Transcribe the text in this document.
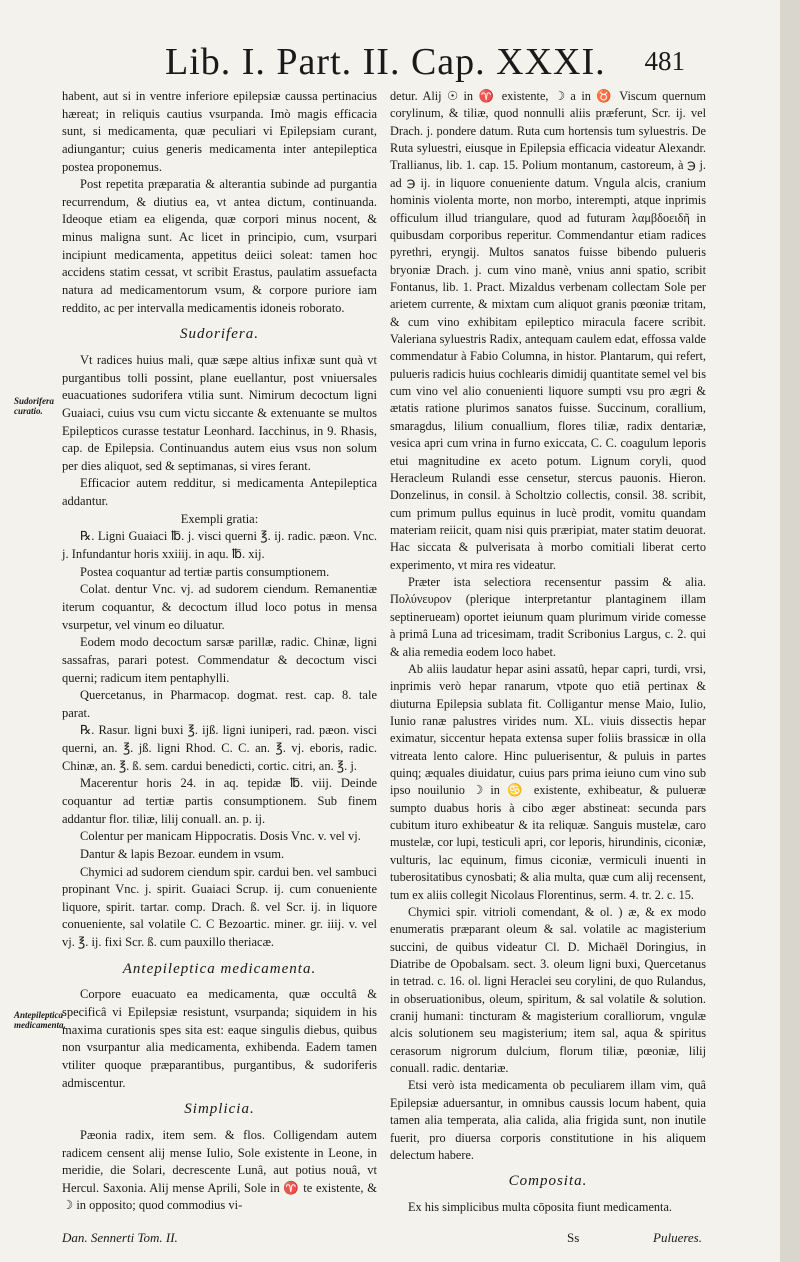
Lib. I. Part. II. Cap. XXXI. 481
Sudorifera curatio.
Antepileptica medicamenta.

habent, aut si in ventre inferiore epilepsiæ caussa pertinacius hæreat; in reliquis cautius vsurpanda. Imò magis efficacia sunt, si medicamenta, quæ peculiari vi Epilepsiam curant, adiungantur; cuius generis medicamenta inter antepileptica postea proponemus.

Post repetita præparatia & alterantia subinde ad purgantia recurrendum, & diutius ea, vt antea dictum, continuanda. Ideoque etiam ea eligenda, quæ corpori minus nocent, & minus maligna sunt. Ac licet in principio, cum, vsurpari incipiunt medicamenta, appetitus deiici soleat: tamen hoc accidens statim cessat, vt scribit Erastus, paulatim assuefacta natura ad medicamentorum vsum, & corpore puriore iam reddito, ac per intervalla medicamentis idoneis roborato.

Sudorifera.

Vt radices huius mali, quæ sæpe altius infixæ sunt quà vt purgantibus tolli possint, plane euellantur, post vniuersales euacuationes sudorifera vtilia sunt. Nimirum decoctum ligni Guaiaci, cuius vsu cum victu siccante & extenuante se multos Epilepticos curasse testatur Leonhard. Iacchinus, in 9. Rhasis, cap. de Epilepsia. Continuandus autem eius vsus non solum per dies aliquot, sed & septimanas, si vires ferant.

Efficacior autem redditur, si medicamenta Antepileptica addantur.

Exempli gratia:

℞. Ligni Guaiaci ℔. j. visci querni ℥. ij. radic. pæon. Vnc. j. Infundantur horis xxiiij. in aqu. ℔. xij.

Postea coquantur ad tertiæ partis consumptionem.

Colat. dentur Vnc. vj. ad sudorem ciendum. Remanentiæ iterum coquantur, & decoctum illud loco potus in mensa vsurpetur, vel vinum eo diluatur.

Eodem modo decoctum sarsæ parillæ, radic. Chinæ, ligni sassafras, parari potest. Commendatur & decoctum visci querni; radicum item pentaphylli.

Quercetanus, in Pharmacop. dogmat. rest. cap. 8. tale parat.

℞. Rasur. ligni buxi ℥. ijß. ligni iuniperi, rad. pæon. visci querni, an. ℥. jß. ligni Rhod. C. C. an. ℥. vj. eboris, radic. Chinæ, an. ℥. ß. sem. cardui benedicti, cortic. citri, an. ℥. j.

Macerentur horis 24. in aq. tepidæ ℔. viij. Deinde coquantur ad tertiæ partis consumptionem. Sub finem addantur flor. tiliæ, lilij conuall. an. p. ij.

Colentur per manicam Hippocratis. Dosis Vnc. v. vel vj.

Dantur & lapis Bezoar. eundem in vsum.

Chymici ad sudorem ciendum spir. cardui ben. vel sambuci propinant Vnc. j. spirit. Guaiaci Scrup. ij. cum conueniente liquore, spirit. tartar. comp. Drach. ß. vel Scr. ij. in liquore conueniente, sal volatile C. C Bezoartic. miner. gr. iiij. v. vel vj. ℥. ij. fixi Scr. ß. cum pauxillo theriacæ.

Antepileptica medicamenta.

Corpore euacuato ea medicamenta, quæ occultâ & specificâ vi Epilepsiæ resistunt, vsurpanda; siquidem in his maxima curationis spes sita est: eaque singulis diebus, quibus non vsurpantur alia medicamenta, exhibenda. Eadem tamen vtiliter quoque præparantibus, purgantibus, & sudoriferis admiscentur.

Simplicia.

Pæonia radix, item sem. & flos. Colligendam autem radicem censent alij mense Iulio, Sole existente in Leone, in meridie, die Solari, decrescente Lunâ, aut potius nouâ, vt Hercul. Saxonia. Alij mense Aprili, Sole in ♈ te existente, & ☽ in opposito; quod commodius vi-

detur. Alij ☉ in ♈ existente, ☽ a in ♉ Viscum quernum corylinum, & tiliæ, quod nonnulli aliis præferunt, Scr. ij. vel Drach. j. pondere datum. Ruta cum hortensis tum syluestris. De Ruta syluestri, eiusque in Epilepsia efficacia videatur Alexandr. Trallianus, lib. 1. cap. 15. Polium montanum, castoreum, à ℈ j. ad ℈ ij. in liquore conueniente datum. Vngula alcis, cranium hominis violenta morte, non morbo, interempti, atque inprimis officulum illud triangulare, quod ad futuram λαμβδοειδῆ in quibusdam corporibus reperitur. Commendantur etiam radices pyrethri, eryngij. Multos sanatos fuisse bibendo pulueris bryoniæ Drach. j. cum vino manè, vnius anni spatio, scribit Fontanus, lib. 1. Pract. Mizaldus verbenam collectam Sole per arietem currente, & mixtam cum aliquot granis pœoniæ tritam, & cum vino exhibitam epileptico miracula facere scribit. Valeriana syluestris Radix, antequam caulem edat, effossa valde commendatur à Fabio Columna, in histor. Plantarum, qui refert, pulueris radicis huius cochlearis dimidij quantitate semel vel bis cum vino vel alio conuenienti liquore sumpti vsu pro ægri & ætatis ratione plurimos sanatos fuisse. Succinum, corallium, smaragdus, lilium conuallium, flores tiliæ, radix dentariæ, vesica apri cum vrina in furno exiccata, C. C. coagulum leporis etui magnitudine ex aceto potum. Lignum coryli, quod Heracleum Rulandi esse censetur, stercus pauonis. Hieron. Donzelinus, in consil. à Scholtzio collectis, consil. 38. scribit, cum primum pullus equinus in lucè prodit, vomitu quandam materiam reiicit, quam nisi quis præripiat, mater statim deuorat. Hac siccata & pulverisata à morbo comitiali liberat certo experimento, vt mira res videatur.

Præter ista selectiora recensentur passim & alia. Πολύνευρον (plerique interpretantur plantaginem illam septinerueam) oportet ieiunum quam plurimum viride comesse à primâ Luna ad tricesimam, tradit Scribonius Largus, c. 2. qui & alia remedia eodem loco habet.

Ab aliis laudatur hepar asini assatû, hepar capri, turdi, vrsi, inprimis verò hepar ranarum, vtpote quo etiã pertinax & diuturna Epilepsia sublata fit. Colligantur mense Maio, Iulio, Iunio ranæ palustres virides num. XL. viuis dissectis hepar eximatur, siccentur hepata extensa super foliis brassicæ in olla vitreata lento calore. Hinc puluerisentur, & puluis in partes quinq; æquales diuidatur, cuius pars prima ieiuno cum vino sub ipso nouilunio ☽ in ♋ existente, exhibeatur, & pulueræ sumpto duabus horis à cibo æger abstineat: secunda pars cubitum ituro exhibeatur & ita reliquæ. Sanguis mustelæ, caro mustelæ, cor lupi, testiculi apri, cor leporis, hirundinis, ciconiæ, vulturis, lac equinum, fimus ciconiæ, vermiculi inuenti in tuberositatibus cynosbati; & alia multa, quæ cum alij recensent, tum ex aliis collegit Nicolaus Florentinus, serm. 4. tr. 2. c. 15.

Chymici spir. vitrioli comendant, & ol. ) æ, & ex modo enumeratis præparant oleum & sal. volatile ac magisterium succini, de quibus videatur Cl. D. Michaël Doringius, in Diatribe de Opobalsam. sect. 3. oleum ligni buxi, Quercetanus in tetrad. c. 16. ol. ligni Heraclei seu corylini, de quo Rulandus, in obseruationibus, oleum, spiritum, & sal volatile & solution. cranij humani: tincturam & magisterium coralliorum, vngulæ alcis solutionem seu magisterium; item sal, aqua & spiritus cerasorum nigrorum dulcium, florum tiliæ, pœoniæ, lilij conuall. radic. dentariæ.

Etsi verò ista medicamenta ob peculiarem illam vim, quâ Epilepsiæ aduersantur, in omnibus caussis locum habent, quia tamen alia temperata, alia calida, alia frigida sunt, non inutile fuerit, pro diuersa corporis constitutione in his aliquem delectum habere.

Composita.

Ex his simplicibus multa cōposita fiunt medicamenta.

Dan. Sennerti Tom. II.	Ss	Pulueres.
